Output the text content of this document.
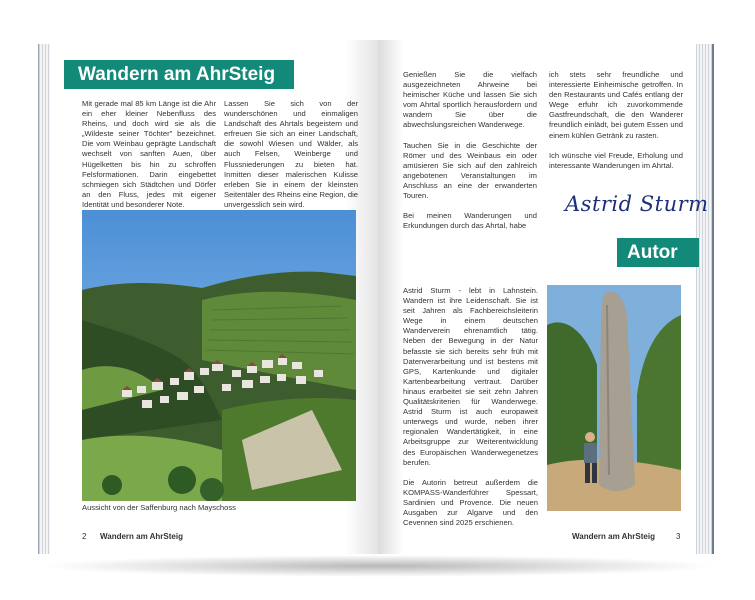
Wandern am AhrSteig

Mit gerade mal 85 km Länge ist die Ahr ein eher kleiner Nebenfluss des Rheins, und doch wird sie als die „Wildeste seiner Töchter" bezeichnet. Die vom Weinbau geprägte Landschaft wechselt von sanften Auen, über Hügelketten bis hin zu schroffen Felsformationen. Darin eingebettet schmiegen sich Städtchen und Dörfer an den Fluss, jedes mit eigener Identität und besonderer Note.

Lassen Sie sich von der wunderschönen und einmaligen Landschaft des Ahrtals begeistern und erfreuen Sie sich an einer Landschaft, die sowohl Wiesen und Wälder, als auch Felsen, Weinberge und Flussniederungen zu bieten hat. Inmitten dieser malerischen Kulisse erleben Sie in einem der kleinsten Seitentäler des Rheins eine Region, die unvergesslich sein wird.

Aussicht von der Saffenburg nach Mayschoss
2 Wandern am AhrSteig

Genießen Sie die vielfach ausgezeichneten Ahrweine bei heimischer Küche und lassen Sie sich vom Ahrtal sportlich herausfordern und wandern Sie über die abwechslungsreichen Wanderwege.

Tauchen Sie in die Geschichte der Römer und des Weinbaus ein oder amüsieren Sie sich auf den zahlreich angebotenen Veranstaltungen im Anschluss an eine der erwanderten Touren.

Bei meinen Wanderungen und Erkundungen durch das Ahrtal, habe

ich stets sehr freundliche und interessierte Einheimische getroffen. In den Restaurants und Cafés entlang der Wege erfuhr ich zuvorkommende Gastfreundschaft, die den Wanderer freundlich einlädt, bei gutem Essen und einem kühlen Getränk zu rasten.

Ich wünsche viel Freude, Erholung und interessante Wanderungen im Ahrtal.

Astrid Sturm
Autor

Astrid Sturm - lebt in Lahnstein. Wandern ist ihre Leidenschaft. Sie ist seit Jahren als Fachbereichsleiterin Wege in einem deutschen Wanderverein ehrenamtlich tätig. Neben der Bewegung in der Natur befasste sie sich bereits sehr früh mit Datenverarbeitung und ist bestens mit GPS, Kartenkunde und digitaler Kartenbearbeitung vertraut. Darüber hinaus erarbeitet sie seit zehn Jahren Qualitätskriterien für Wanderwege. Astrid Sturm ist auch europaweit unterwegs und wurde, neben ihrer regionalen Wandertätigkeit, in eine Arbeitsgruppe zur Weiterentwicklung des Europäischen Wanderwegenetzes berufen.

Die Autorin betreut außerdem die KOMPASS-Wanderführer Spessart, Sardinien und Provence. Die neuen Ausgaben zur Algarve und den Cevennen sind 2025 erschienen.

Wandern am AhrSteig	3
